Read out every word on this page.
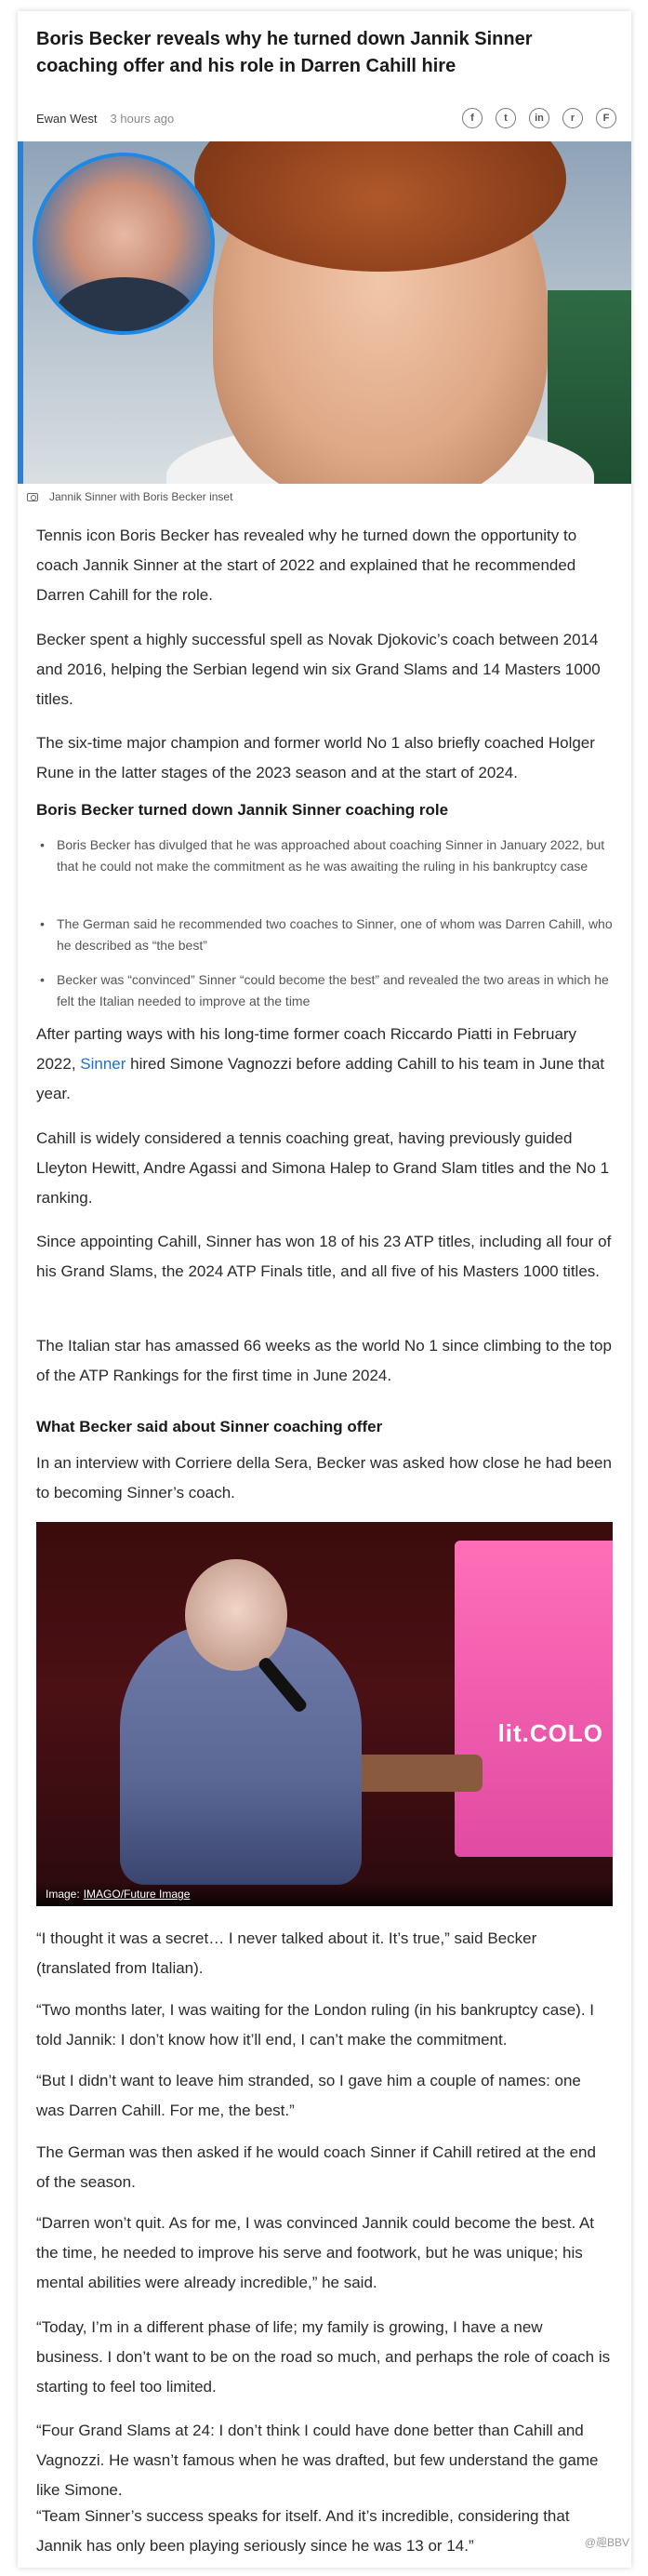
Boris Becker reveals why he turned down Jannik Sinner coaching offer and his role in Darren Cahill hire
Ewan West 3 hours ago	f	t	in	r	F
Jannik Sinner with Boris Becker inset

Tennis icon Boris Becker has revealed why he turned down the opportunity to coach Jannik Sinner at the start of 2022 and explained that he recommended Darren Cahill for the role.

Becker spent a highly successful spell as Novak Djokovic’s coach between 2014 and 2016, helping the Serbian legend win six Grand Slams and 14 Masters 1000 titles.

The six-time major champion and former world No 1 also briefly coached Holger Rune in the latter stages of the 2023 season and at the start of 2024.

Boris Becker turned down Jannik Sinner coaching role
• Boris Becker has divulged that he was approached about coaching Sinner in January 2022, but that he could not make the commitment as he was awaiting the ruling in his bankruptcy case
• The German said he recommended two coaches to Sinner, one of whom was Darren Cahill, who he described as “the best”
• Becker was “convinced” Sinner “could become the best” and revealed the two areas in which he felt the Italian needed to improve at the time

After parting ways with his long-time former coach Riccardo Piatti in February 2022, Sinner hired Simone Vagnozzi before adding Cahill to his team in June that year.

Cahill is widely considered a tennis coaching great, having previously guided Lleyton Hewitt, Andre Agassi and Simona Halep to Grand Slam titles and the No 1 ranking.

Since appointing Cahill, Sinner has won 18 of his 23 ATP titles, including all four of his Grand Slams, the 2024 ATP Finals title, and all five of his Masters 1000 titles.

The Italian star has amassed 66 weeks as the world No 1 since climbing to the top of the ATP Rankings for the first time in June 2024.

What Becker said about Sinner coaching offer

In an interview with Corriere della Sera, Becker was asked how close he had been to becoming Sinner’s coach.

lit.COLO
Image: IMAGO/Future Image

“I thought it was a secret… I never talked about it. It’s true,” said Becker (translated from Italian).

“Two months later, I was waiting for the London ruling (in his bankruptcy case). I told Jannik: I don’t know how it’ll end, I can’t make the commitment.

“But I didn’t want to leave him stranded, so I gave him a couple of names: one was Darren Cahill. For me, the best.”

The German was then asked if he would coach Sinner if Cahill retired at the end of the season.

“Darren won’t quit. As for me, I was convinced Jannik could become the best. At the time, he needed to improve his serve and footwork, but he was unique; his mental abilities were already incredible,” he said.

“Today, I’m in a different phase of life; my family is growing, I have a new business. I don’t want to be on the road so much, and perhaps the role of coach is starting to feel too limited.

“Four Grand Slams at 24: I don’t think I could have done better than Cahill and Vagnozzi. He wasn’t famous when he was drafted, but few understand the game like Simone.

“Team Sinner’s success speaks for itself. And it’s incredible, considering that Jannik has only been playing seriously since he was 13 or 14.”	@趣BBV
